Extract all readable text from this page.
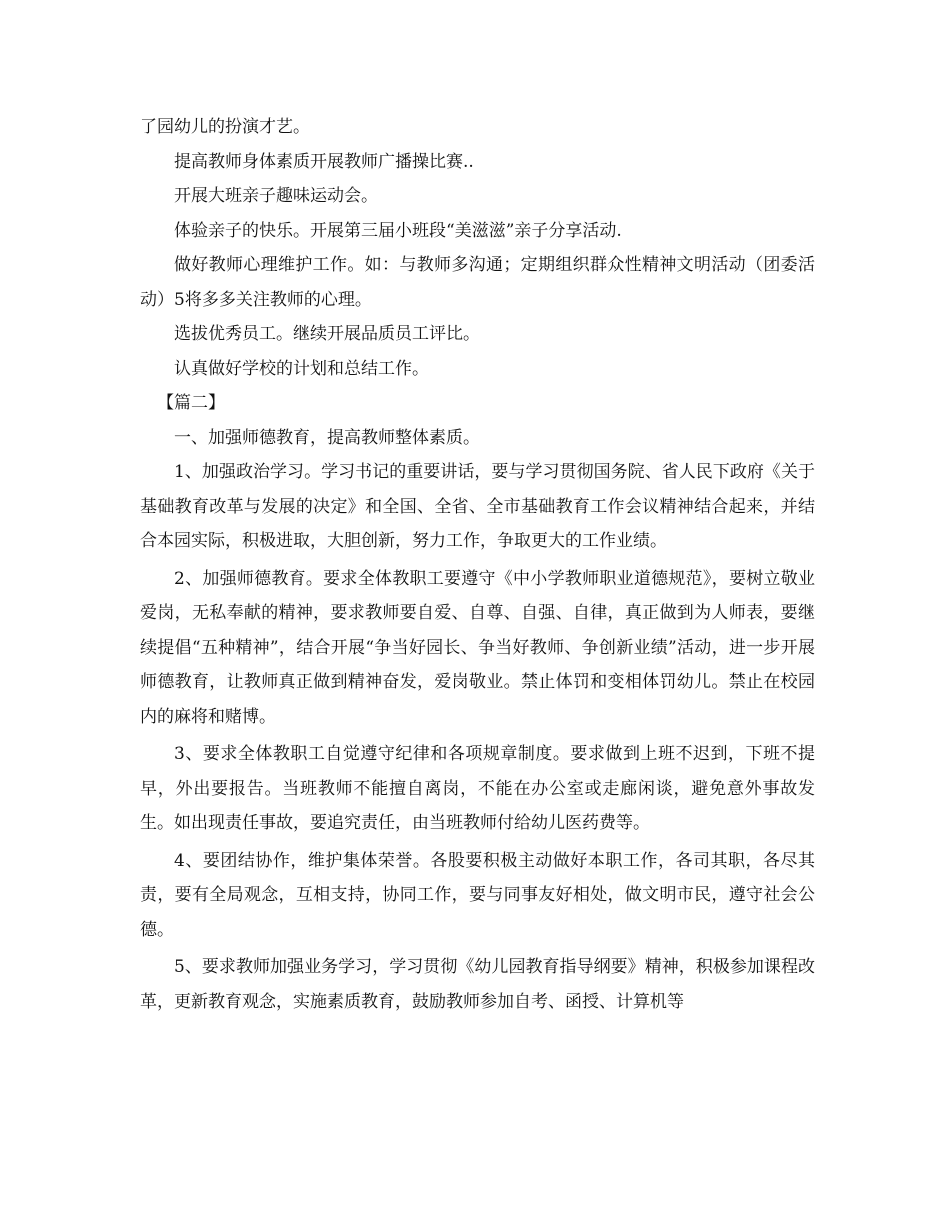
了园幼儿的扮演才艺。

提高教师身体素质开展教师广播操比赛..

开展大班亲子趣味运动会。

体验亲子的快乐。开展第三届小班段“美滋滋”亲子分享活动.

做好教师心理维护工作。如：与教师多沟通；定期组织群众性精神文明活动（团委活动）5将多多关注教师的心理。

选拔优秀员工。继续开展品质员工评比。

认真做好学校的计划和总结工作。

【篇二】

一、加强师德教育，提高教师整体素质。

1、加强政治学习。学习书记的重要讲话，要与学习贯彻国务院、省人民下政府《关于基础教育改革与发展的决定》和全国、全省、全市基础教育工作会议精神结合起来，并结合本园实际，积极进取，大胆创新，努力工作，争取更大的工作业绩。

2、加强师德教育。要求全体教职工要遵守《中小学教师职业道德规范》，要树立敬业爱岗，无私奉献的精神，要求教师要自爱、自尊、自强、自律，真正做到为人师表，要继续提倡“五种精神”，结合开展“争当好园长、争当好教师、争创新业绩”活动，进一步开展师德教育，让教师真正做到精神奋发，爱岗敬业。禁止体罚和变相体罚幼儿。禁止在校园内的麻将和赌博。

3、要求全体教职工自觉遵守纪律和各项规章制度。要求做到上班不迟到，下班不提早，外出要报告。当班教师不能擅自离岗，不能在办公室或走廊闲谈，避免意外事故发生。如出现责任事故，要追究责任，由当班教师付给幼儿医药费等。

4、要团结协作，维护集体荣誉。各股要积极主动做好本职工作，各司其职，各尽其责，要有全局观念，互相支持，协同工作，要与同事友好相处，做文明市民，遵守社会公德。

5、要求教师加强业务学习，学习贯彻《幼儿园教育指导纲要》精神，积极参加课程改革，更新教育观念，实施素质教育，鼓励教师参加自考、函授、计算机等
